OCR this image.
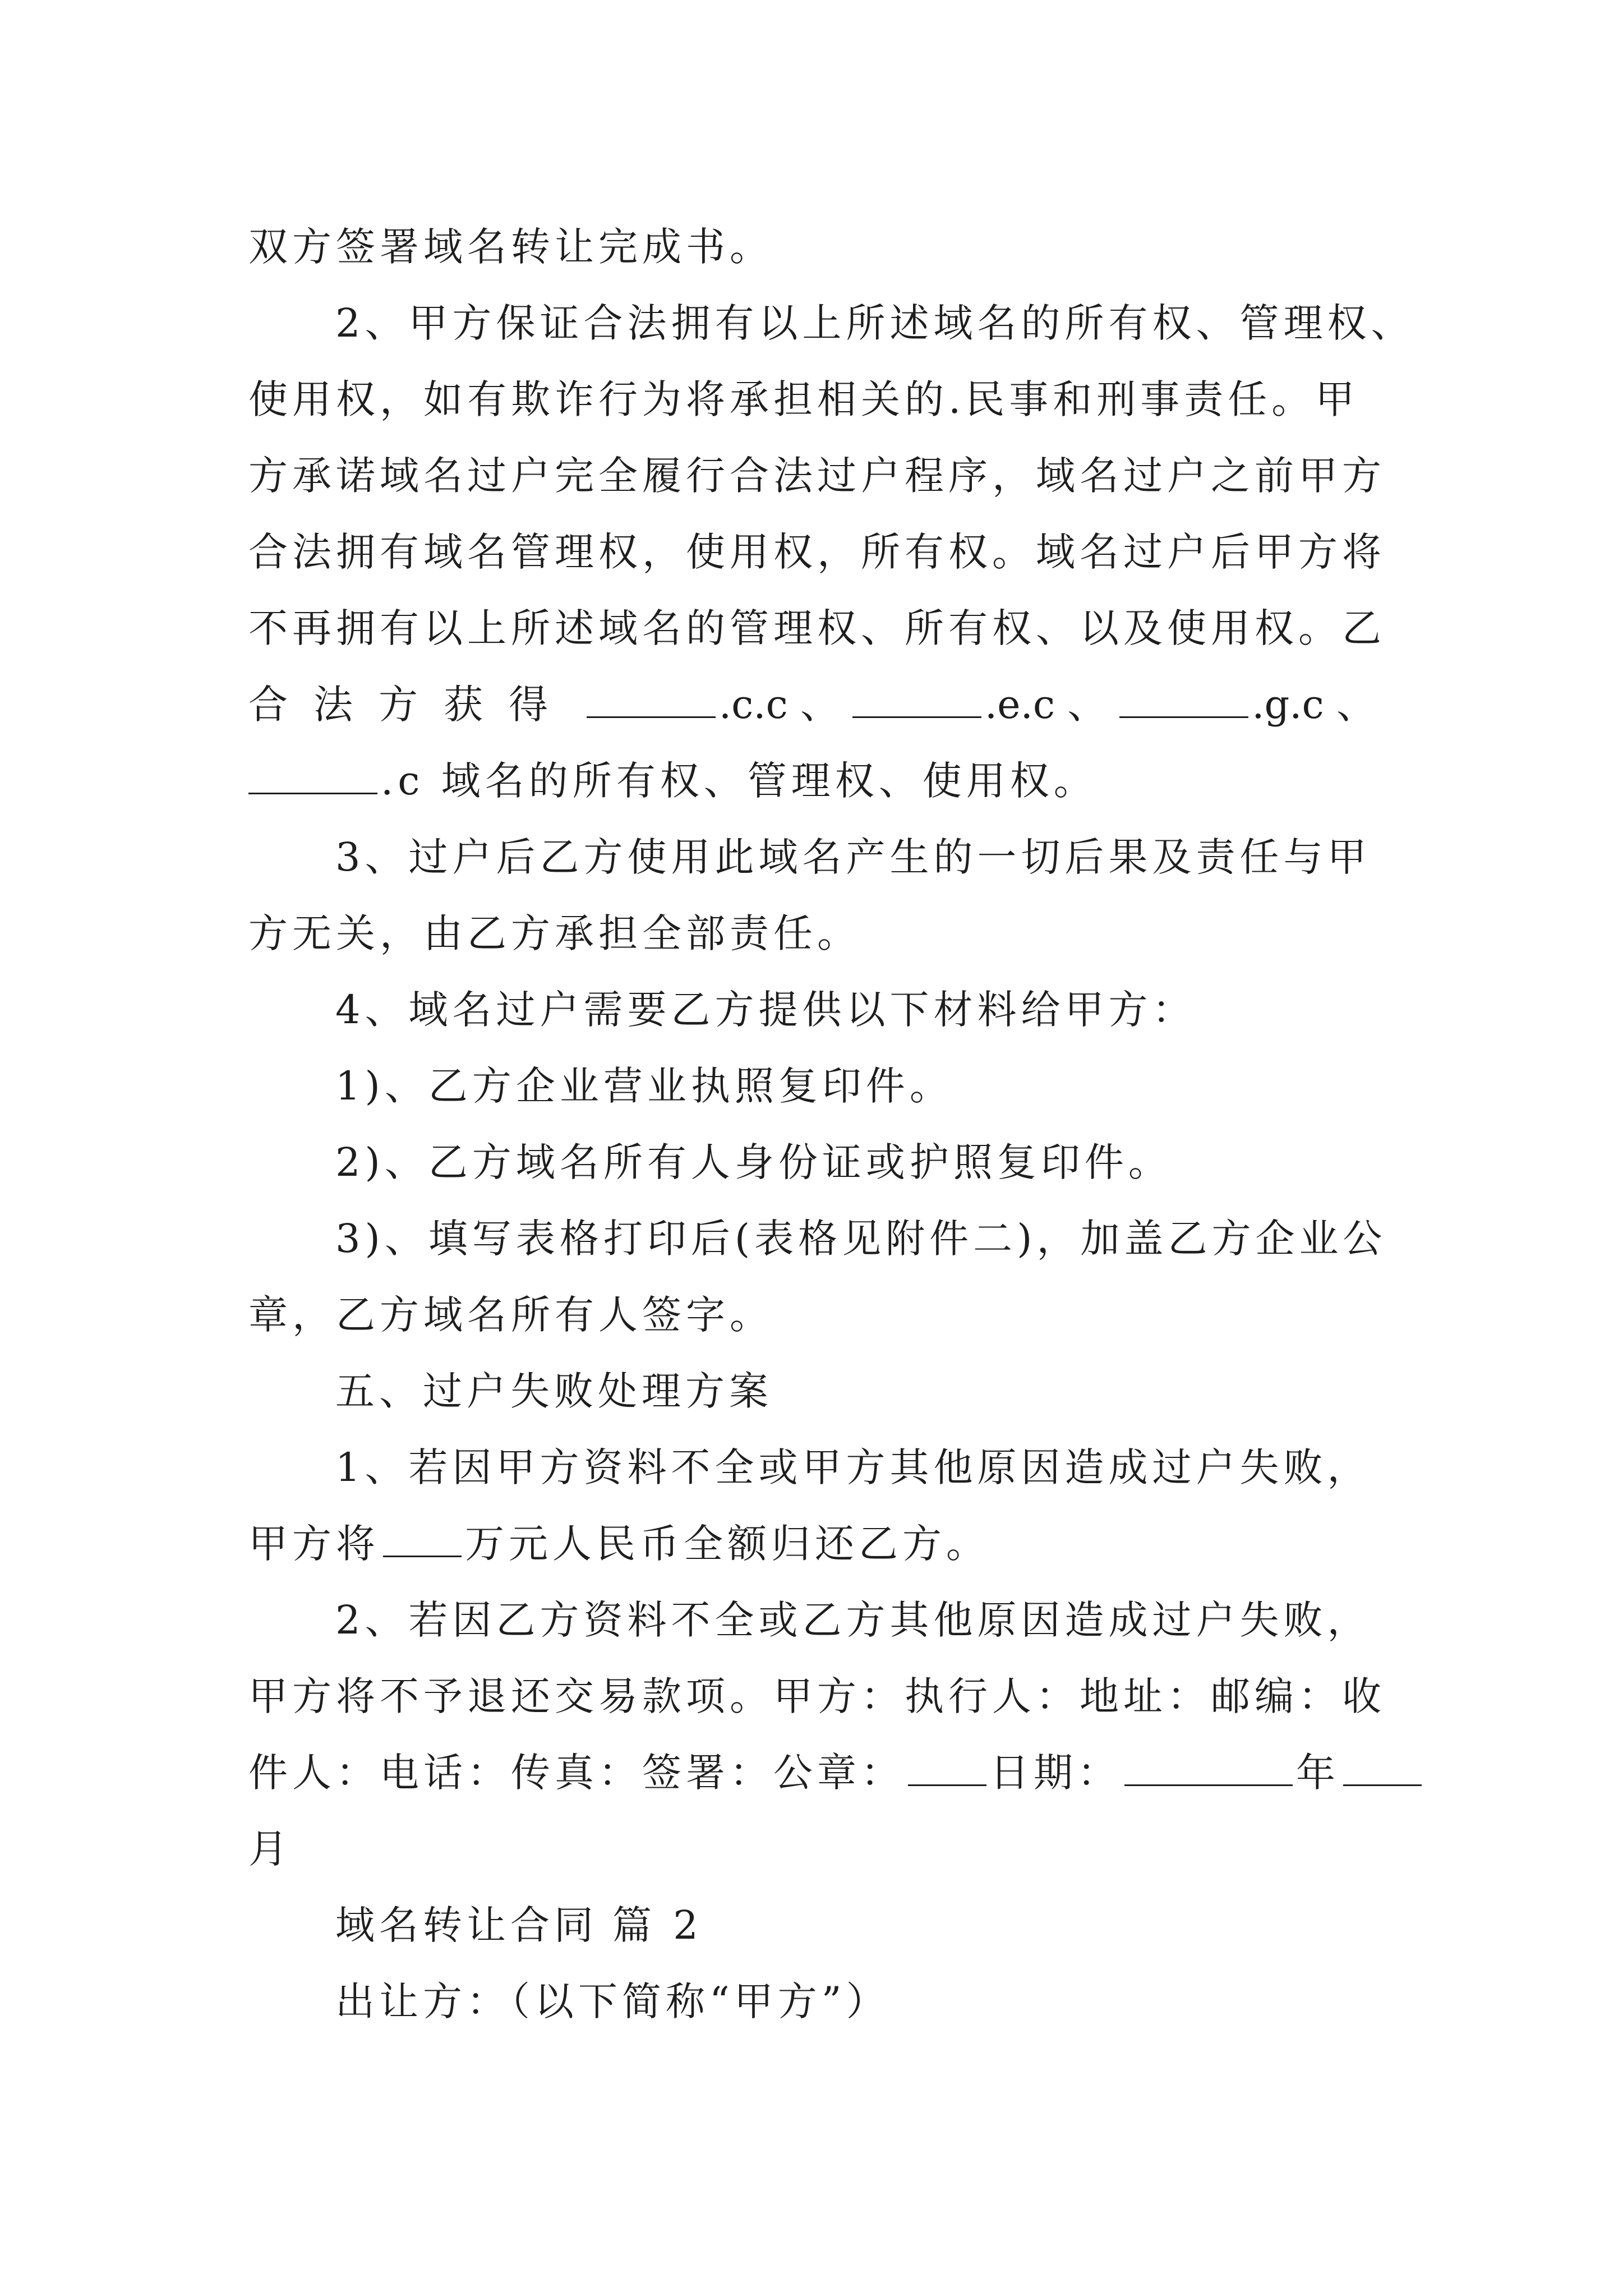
双方签署域名转让完成书。
2、甲方保证合法拥有以上所述域名的所有权、管理权、
使用权，如有欺诈行为将承担相关的.民事和刑事责任。甲
方承诺域名过户完全履行合法过户程序，域名过户之前甲方
合法拥有域名管理权，使用权，所有权。域名过户后甲方将
不再拥有以上所述域名的管理权、所有权、以及使用权。乙
合法方获得	.c.c 、	.e.c 、	.g.c 、
.c 域名的所有权、管理权、使用权。
3、过户后乙方使用此域名产生的一切后果及责任与甲
方无关，由乙方承担全部责任。
4、域名过户需要乙方提供以下材料给甲方：
1)、乙方企业营业执照复印件。
2)、乙方域名所有人身份证或护照复印件。
3)、填写表格打印后(表格见附件二)，加盖乙方企业公
章，乙方域名所有人签字。
五、过户失败处理方案
1、若因甲方资料不全或甲方其他原因造成过户失败，
甲方将 万元人民币全额归还乙方。
2、若因乙方资料不全或乙方其他原因造成过户失败，
甲方将不予退还交易款项。甲方：执行人：地址：邮编：收
件人：电话：传真：签署：公章： 日期：	年
月
域名转让合同 篇 2
出让方：（以下简称“甲方”）
